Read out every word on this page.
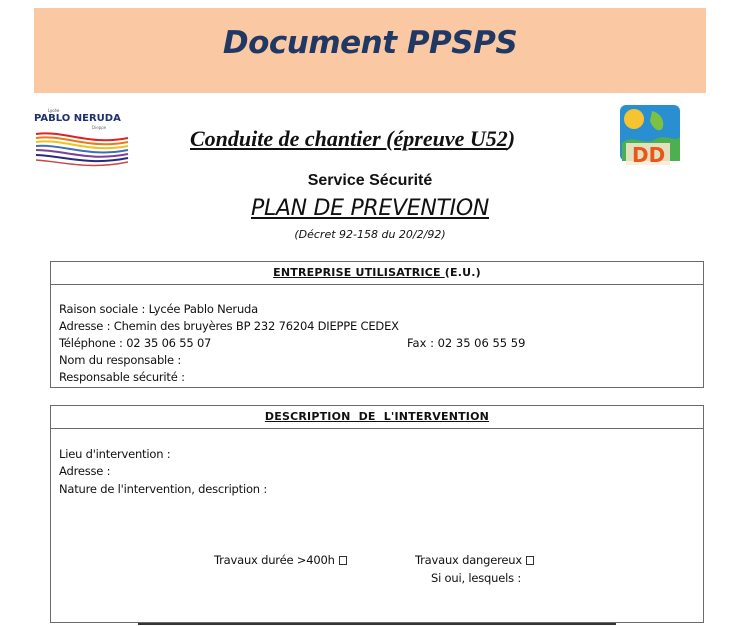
Document PPSPS
Lycée
PABLO NERUDA
Dieppe
DD
Conduite de chantier (épreuve U52)
Service Sécurité
PLAN DE PREVENTION
(Décret 92-158 du 20/2/92)
ENTREPRISE UTILISATRICE (E.U.)
Raison sociale : Lycée Pablo Neruda
Adresse : Chemin des bruyères BP 232 76204 DIEPPE CEDEX
Téléphone : 02 35 06 55 07	Fax : 02 35 06 55 59
Nom du responsable :
Responsable sécurité :
DESCRIPTION  DE  L'INTERVENTION
Lieu d'intervention :
Adresse :
Nature de l'intervention, description :
Travaux durée >400h	Travaux dangereux
Si oui, lesquels :
